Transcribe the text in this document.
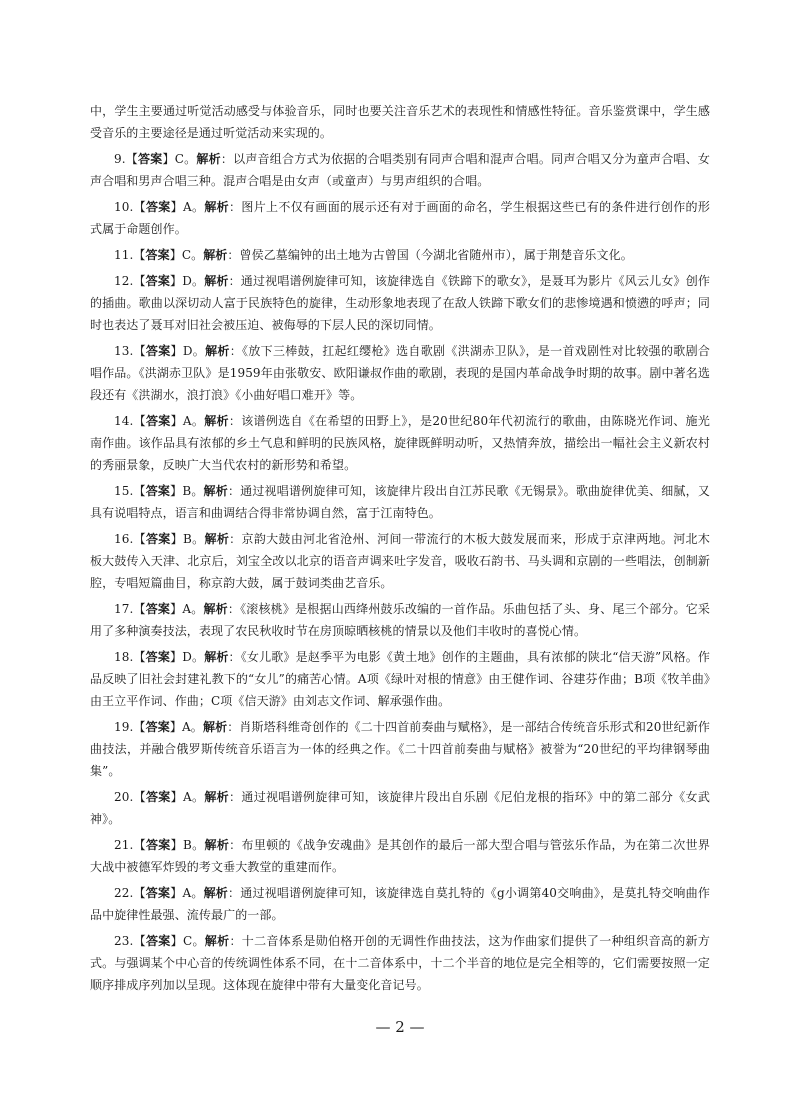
中，学生主要通过听觉活动感受与体验音乐，同时也要关注音乐艺术的表现性和情感性特征。音乐鉴赏课中，学生感受音乐的主要途径是通过听觉活动来实现的。

9.【答案】C。解析：以声音组合方式为依据的合唱类别有同声合唱和混声合唱。同声合唱又分为童声合唱、女声合唱和男声合唱三种。混声合唱是由女声（或童声）与男声组织的合唱。

10.【答案】A。解析：图片上不仅有画面的展示还有对于画面的命名，学生根据这些已有的条件进行创作的形式属于命题创作。

11.【答案】C。解析：曾侯乙墓编钟的出土地为古曾国（今湖北省随州市），属于荆楚音乐文化。

12.【答案】D。解析：通过视唱谱例旋律可知，该旋律选自《铁蹄下的歌女》，是聂耳为影片《风云儿女》创作的插曲。歌曲以深切动人富于民族特色的旋律，生动形象地表现了在敌人铁蹄下歌女们的悲惨境遇和愤懑的呼声；同时也表达了聂耳对旧社会被压迫、被侮辱的下层人民的深切同情。

13.【答案】D。解析：《放下三棒鼓，扛起红缨枪》选自歌剧《洪湖赤卫队》，是一首戏剧性对比较强的歌剧合唱作品。《洪湖赤卫队》是1959年由张敬安、欧阳谦叔作曲的歌剧，表现的是国内革命战争时期的故事。剧中著名选段还有《洪湖水，浪打浪》《小曲好唱口难开》等。

14.【答案】A。解析：该谱例选自《在希望的田野上》，是20世纪80年代初流行的歌曲，由陈晓光作词、施光南作曲。该作品具有浓郁的乡土气息和鲜明的民族风格，旋律既鲜明动听，又热情奔放，描绘出一幅社会主义新农村的秀丽景象，反映广大当代农村的新形势和希望。

15.【答案】B。解析：通过视唱谱例旋律可知，该旋律片段出自江苏民歌《无锡景》。歌曲旋律优美、细腻，又具有说唱特点，语言和曲调结合得非常协调自然，富于江南特色。

16.【答案】B。解析：京韵大鼓由河北省沧州、河间一带流行的木板大鼓发展而来，形成于京津两地。河北木板大鼓传入天津、北京后，刘宝全改以北京的语音声调来吐字发音，吸收石韵书、马头调和京剧的一些唱法，创制新腔，专唱短篇曲目，称京韵大鼓，属于鼓词类曲艺音乐。

17.【答案】A。解析：《滚核桃》是根据山西绛州鼓乐改编的一首作品。乐曲包括了头、身、尾三个部分。它采用了多种演奏技法，表现了农民秋收时节在房顶晾晒核桃的情景以及他们丰收时的喜悦心情。

18.【答案】D。解析：《女儿歌》是赵季平为电影《黄土地》创作的主题曲，具有浓郁的陕北“信天游”风格。作品反映了旧社会封建礼教下的“女儿”的痛苦心情。A项《绿叶对根的情意》由王健作词、谷建芬作曲；B项《牧羊曲》由王立平作词、作曲；C项《信天游》由刘志文作词、解承强作曲。

19.【答案】A。解析：肖斯塔科维奇创作的《二十四首前奏曲与赋格》，是一部结合传统音乐形式和20世纪新作曲技法，并融合俄罗斯传统音乐语言为一体的经典之作。《二十四首前奏曲与赋格》被誉为“20世纪的平均律钢琴曲集”。

20.【答案】A。解析：通过视唱谱例旋律可知，该旋律片段出自乐剧《尼伯龙根的指环》中的第二部分《女武神》。

21.【答案】B。解析：布里顿的《战争安魂曲》是其创作的最后一部大型合唱与管弦乐作品，为在第二次世界大战中被德军炸毁的考文垂大教堂的重建而作。

22.【答案】A。解析：通过视唱谱例旋律可知，该旋律选自莫扎特的《g小调第40交响曲》，是莫扎特交响曲作品中旋律性最强、流传最广的一部。

23.【答案】C。解析：十二音体系是勋伯格开创的无调性作曲技法，这为作曲家们提供了一种组织音高的新方式。与强调某个中心音的传统调性体系不同，在十二音体系中，十二个半音的地位是完全相等的，它们需要按照一定顺序排成序列加以呈现。这体现在旋律中带有大量变化音记号。

— 2 —
